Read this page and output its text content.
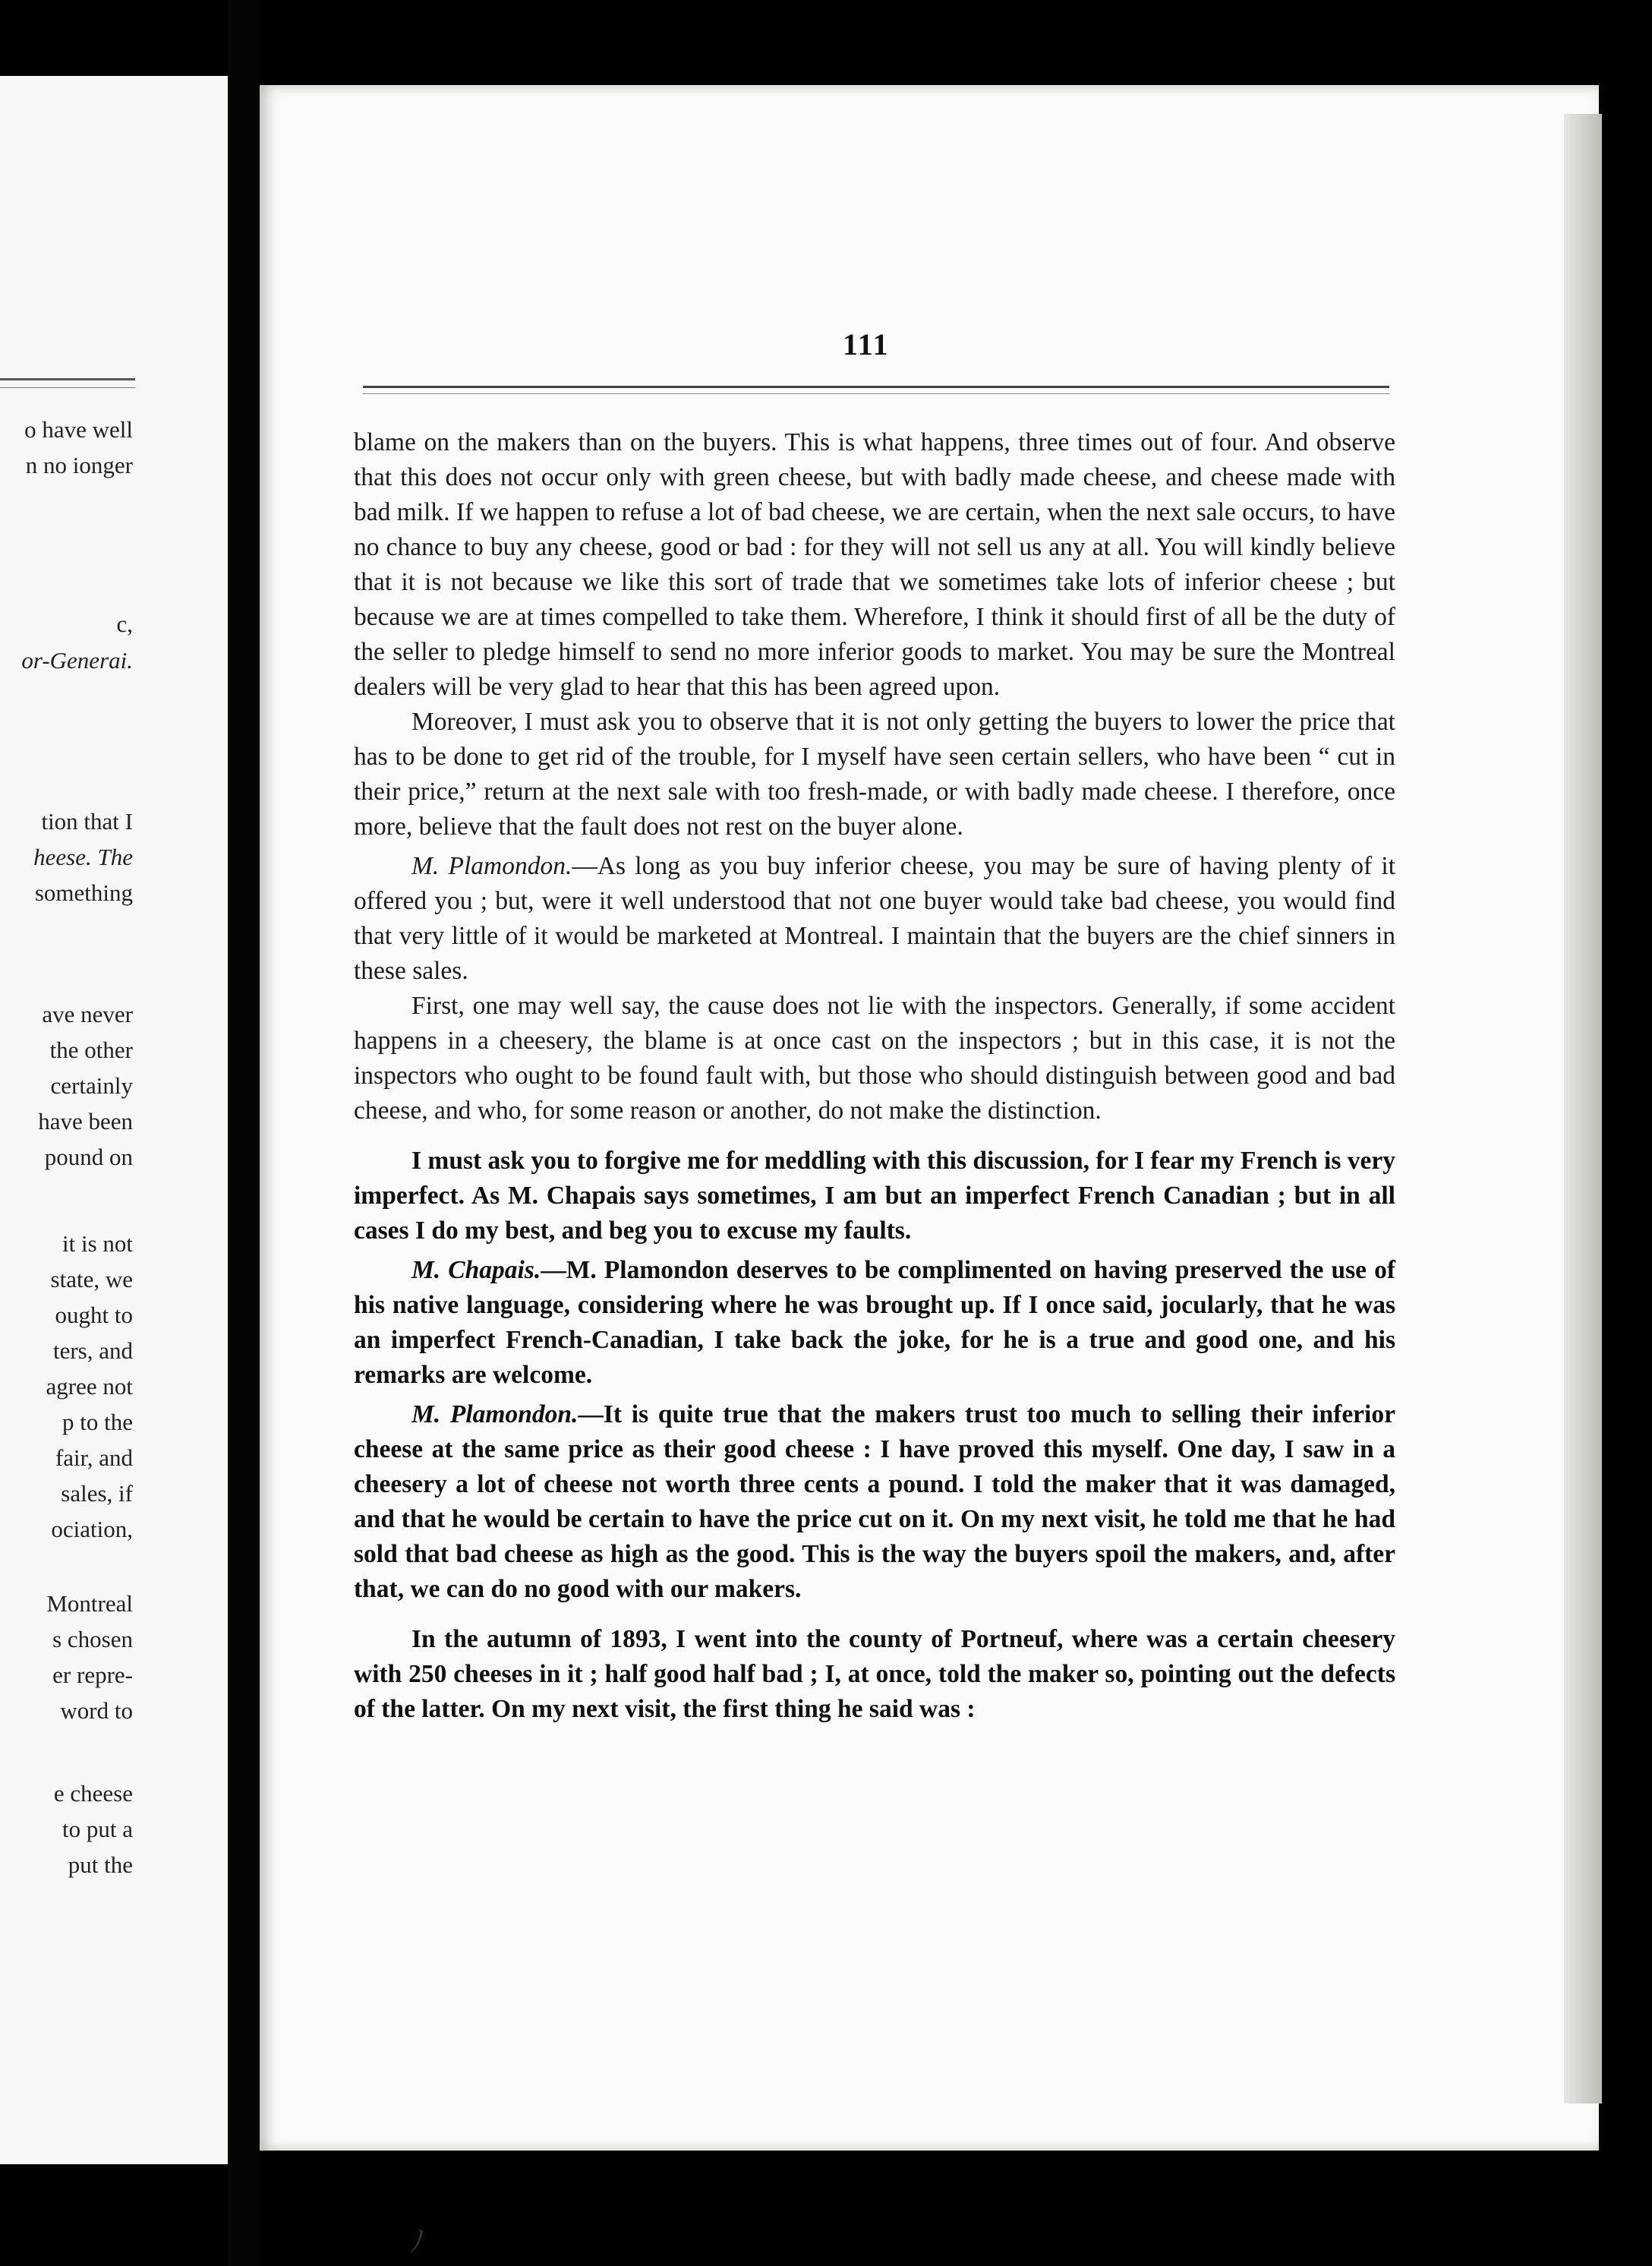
o have well
n no ionger
c,
or-Generai.
tion that I
heese. The
something
ave never
the other
certainly
have been
pound on
it is not
state, we
ought to
ters, and
agree not
p to the
fair, and
sales, if
ociation,
Montreal
s chosen
er repre-
word to
e cheese
to put a
put the
111

blame on the makers than on the buyers. This is what happens, three times out of four. And observe that this does not occur only with green cheese, but with badly made cheese, and cheese made with bad milk. If we happen to refuse a lot of bad cheese, we are certain, when the next sale occurs, to have no chance to buy any cheese, good or bad : for they will not sell us any at all. You will kindly believe that it is not because we like this sort of trade that we sometimes take lots of inferior cheese ; but because we are at times compelled to take them. Wherefore, I think it should first of all be the duty of the seller to pledge himself to send no more inferior goods to market. You may be sure the Montreal dealers will be very glad to hear that this has been agreed upon.

Moreover, I must ask you to observe that it is not only getting the buyers to lower the price that has to be done to get rid of the trouble, for I myself have seen certain sellers, who have been “ cut in their price,” return at the next sale with too fresh-made, or with badly made cheese. I therefore, once more, believe that the fault does not rest on the buyer alone.

M. Plamondon.—As long as you buy inferior cheese, you may be sure of having plenty of it offered you ; but, were it well understood that not one buyer would take bad cheese, you would find that very little of it would be marketed at Montreal. I maintain that the buyers are the chief sinners in these sales.

First, one may well say, the cause does not lie with the inspectors. Generally, if some accident happens in a cheesery, the blame is at once cast on the inspectors ; but in this case, it is not the inspectors who ought to be found fault with, but those who should distinguish between good and bad cheese, and who, for some reason or another, do not make the distinction.

I must ask you to forgive me for meddling with this discussion, for I fear my French is very imperfect. As M. Chapais says sometimes, I am but an imperfect French Canadian ; but in all cases I do my best, and beg you to excuse my faults.

M. Chapais.—M. Plamondon deserves to be complimented on having preserved the use of his native language, considering where he was brought up. If I once said, jocularly, that he was an imperfect French-Canadian, I take back the joke, for he is a true and good one, and his remarks are welcome.

M. Plamondon.—It is quite true that the makers trust too much to selling their inferior cheese at the same price as their good cheese : I have proved this myself. One day, I saw in a cheesery a lot of cheese not worth three cents a pound. I told the maker that it was damaged, and that he would be certain to have the price cut on it. On my next visit, he told me that he had sold that bad cheese as high as the good. This is the way the buyers spoil the makers, and, after that, we can do no good with our makers.

In the autumn of 1893, I went into the county of Portneuf, where was a certain cheesery with 250 cheeses in it ; half good half bad ; I, at once, told the maker so, pointing out the defects of the latter. On my next visit, the first thing he said was :

ﾉ
